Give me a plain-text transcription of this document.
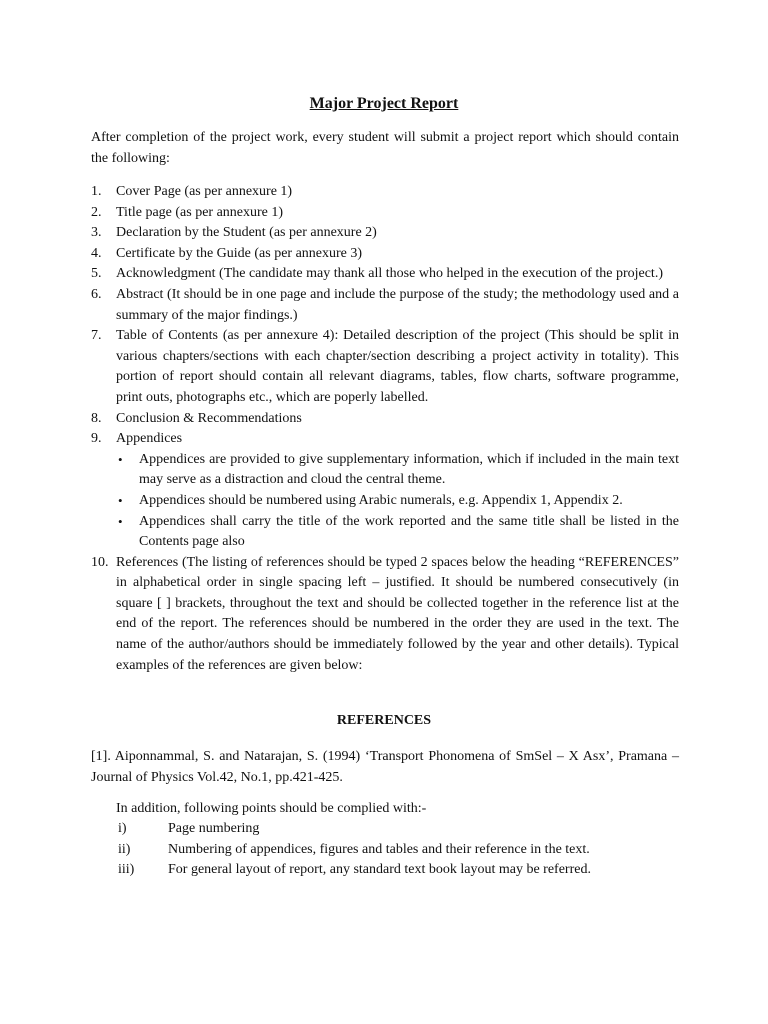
Major Project Report
After completion of the project work, every student will submit a project report which should contain the following:
1. Cover Page (as per annexure 1)
2. Title page (as per annexure 1)
3. Declaration by the Student (as per annexure 2)
4. Certificate by the Guide (as per annexure 3)
5. Acknowledgment (The candidate may thank all those who helped in the execution of the project.)
6. Abstract (It should be in one page and include the purpose of the study; the methodology used and a summary of the major findings.)
7. Table of Contents (as per annexure 4): Detailed description of the project (This should be split in various chapters/sections with each chapter/section describing a project activity in totality). This portion of report should contain all relevant diagrams, tables, flow charts, software programme, print outs, photographs etc., which are poperly labelled.
8. Conclusion & Recommendations
9. Appendices
• Appendices are provided to give supplementary information, which if included in the main text may serve as a distraction and cloud the central theme.
• Appendices should be numbered using Arabic numerals, e.g. Appendix 1, Appendix 2.
• Appendices shall carry the title of the work reported and the same title shall be listed in the Contents page also
10. References (The listing of references should be typed 2 spaces below the heading “REFERENCES” in alphabetical order in single spacing left – justified. It should be numbered consecutively (in square [ ] brackets, throughout the text and should be collected together in the reference list at the end of the report. The references should be numbered in the order they are used in the text. The name of the author/authors should be immediately followed by the year and other details). Typical examples of the references are given below:
REFERENCES
[1]. Aiponnammal, S. and Natarajan, S. (1994) ‘Transport Phonomena of SmSel – X Asx’, Pramana – Journal of Physics Vol.42, No.1, pp.421-425.
In addition, following points should be complied with:-
i)	Page numbering
ii)	Numbering of appendices, figures and tables and their reference in the text.
iii) For general layout of report, any standard text book layout may be referred.
